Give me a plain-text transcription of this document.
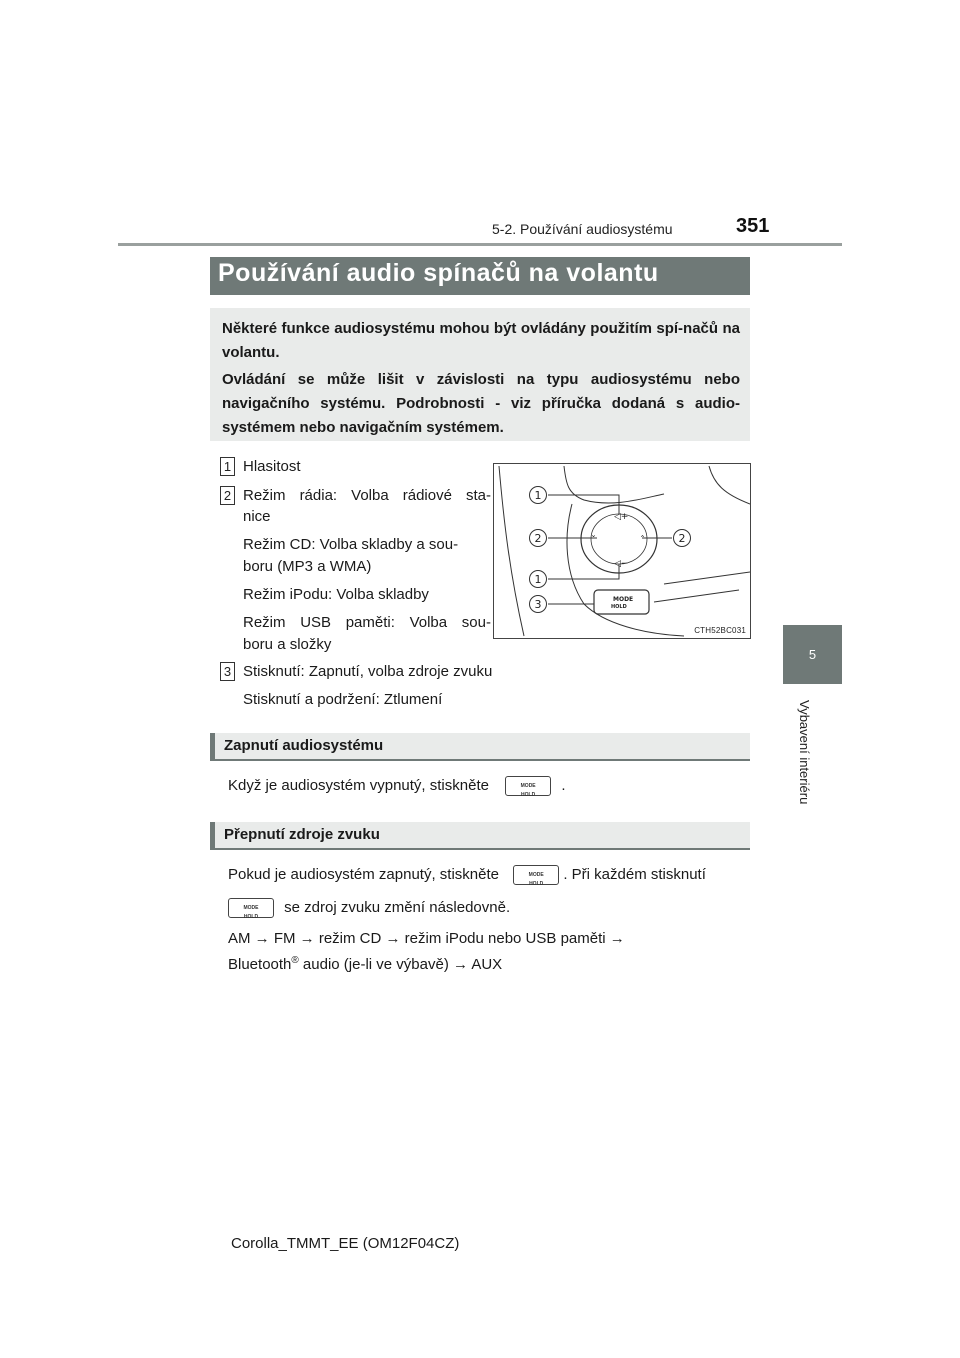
5-2. Používání audiosystému	351
5
Vybavení interiéru
Používání audio spínačů na volantu

Některé funkce audiosystému mohou být ovládány použitím spí-načů na volantu.

Ovládání se může lišit v závislosti na typu audiosystému nebo navigačního systému. Podrobnosti - viz příručka dodaná s audio-systémem nebo navigačním systémem.

1 Hlasitost
2 Režim rádia: Volba rádiové sta-
nice
Režim CD: Volba skladby a sou-
boru (MP3 a WMA)
Režim iPodu: Volba skladby
Režim USB paměti: Volba sou-
boru a složky
3 Stisknutí: Zapnutí, volba zdroje zvuku
Stisknutí a podržení: Ztlumení
◁+
◁−
ˇ	ˆ
MODE
HOLD
1
2	2
1
3
CTH52BC031
Zapnutí audiosystému
Když je audiosystém vypnutý, stiskněte	MODE
HOLD
.
Přepnutí zdroje zvuku
Pokud je audiosystém zapnutý, stiskněte	MODE
HOLD
. Při každém stisknutí
MODE
HOLD
se zdroj zvuku změní následovně.
AM → FM → režim CD → režim iPodu nebo USB paměti →
Bluetooth® audio (je-li ve výbavě) → AUX
Corolla_TMMT_EE (OM12F04CZ)
